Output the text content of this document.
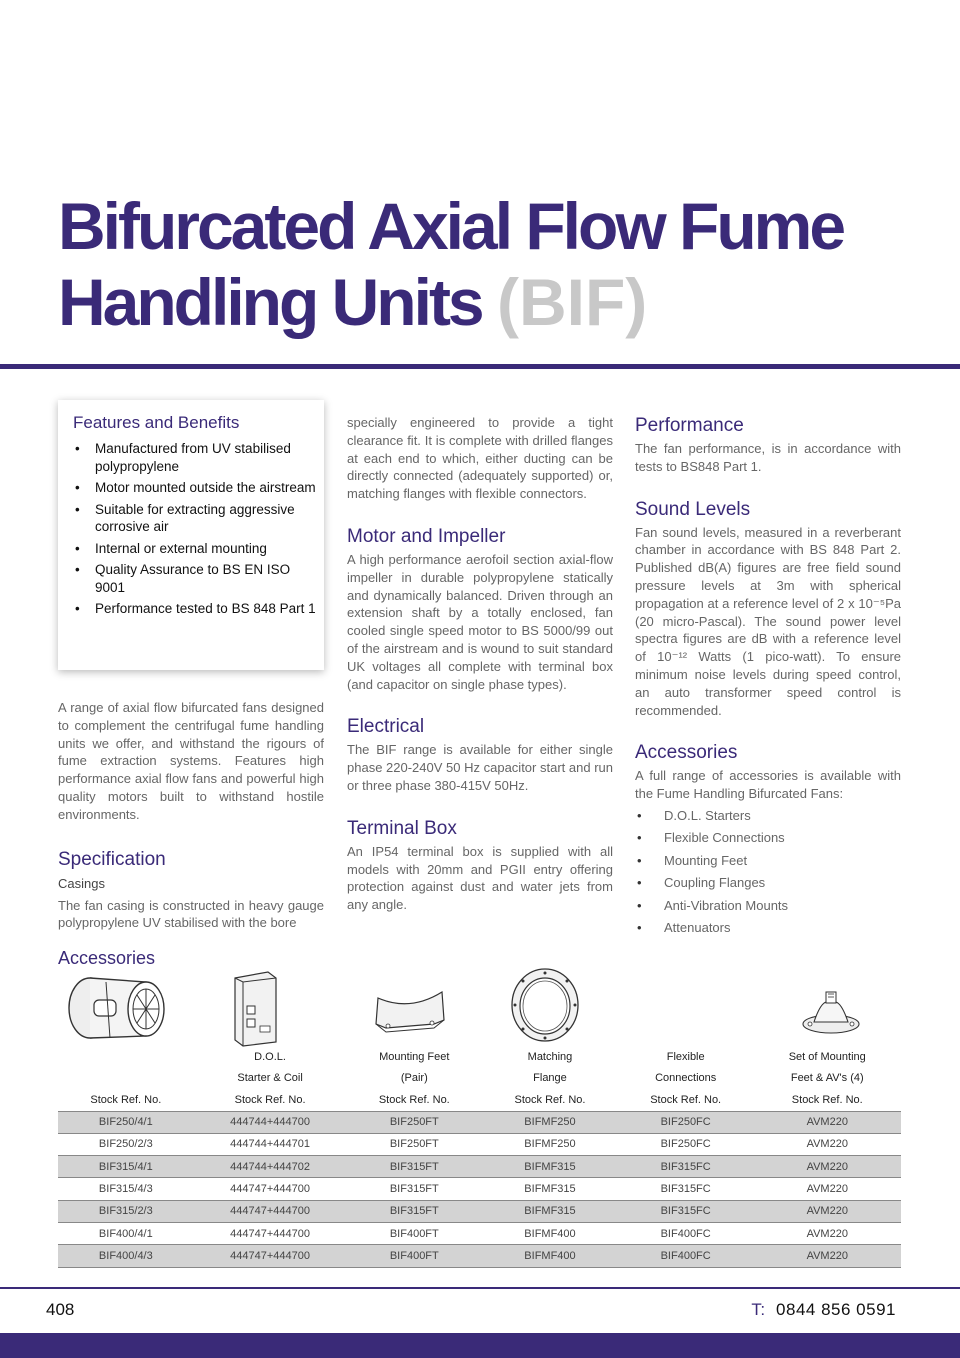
Bifurcated Axial Flow Fume
Handling Units (BIF)
Features and Benefits
• Manufactured from UV stabilised polypropylene
• Motor mounted outside the airstream
• Suitable for extracting aggressive corrosive air
• Internal or external mounting
• Quality Assurance to BS EN ISO 9001
• Performance tested to BS 848 Part 1

A range of axial flow bifurcated fans designed to complement the centrifugal fume handling units we offer, and withstand the rigours of fume extraction systems. Features high performance axial flow fans and powerful high quality motors built to withstand hostile environments.

Specification
Casings

The fan casing is constructed in heavy gauge polypropylene UV stabilised with the bore

specially engineered to provide a tight clearance fit. It is complete with drilled flanges at each end to which, either ducting can be directly connected (adequately supported) or, matching flanges with flexible connectors.

Motor and Impeller

A high performance aerofoil section axial-flow impeller in durable polypropylene statically and dynamically balanced. Driven through an extension shaft by a totally enclosed, fan cooled single speed motor to BS 5000/99 out of the airstream and is wound to suit standard UK voltages all complete with terminal box (and capacitor on single phase types).

Electrical

The BIF range is available for either single phase 220-240V 50 Hz capacitor start and run or three phase 380-415V 50Hz.

Terminal Box

An IP54 terminal box is supplied with all models with 20mm and PGII entry offering protection against dust and water jets from any angle.

Performance

The fan performance, is in accordance with tests to BS848 Part 1.

Sound Levels

Fan sound levels, measured in a reverberant chamber in accordance with BS 848 Part 2. Published dB(A) figures are free field sound pressure levels at 3m with spherical propagation at a reference level of 2 x 10⁻⁵Pa (20 micro-Pascal). The sound power level spectra figures are dB with a reference level of 10⁻¹² Watts (1 pico-watt). To ensure minimum noise levels during speed control, an auto transformer speed control is recommended.

Accessories

A full range of accessories is available with the Fume Handling Bifurcated Fans:

• D.O.L. Starters
• Flexible Connections
• Mounting Feet
• Coupling Flanges
• Anti-Vibration Mounts
• Attenuators
Accessories
	D.O.L.	Mounting Feet	Matching	Flexible	Set of Mounting
	Starter & Coil	(Pair)	Flange	Connections	Feet & AV's (4)
Stock Ref. No.	Stock Ref. No.	Stock Ref. No.	Stock Ref. No.	Stock Ref. No.	Stock Ref. No.
BIF250/4/1	444744+444700	BIF250FT	BIFMF250	BIF250FC	AVM220
BIF250/2/3	444744+444701	BIF250FT	BIFMF250	BIF250FC	AVM220
BIF315/4/1	444744+444702	BIF315FT	BIFMF315	BIF315FC	AVM220
BIF315/4/3	444747+444700	BIF315FT	BIFMF315	BIF315FC	AVM220
BIF315/2/3	444747+444700	BIF315FT	BIFMF315	BIF315FC	AVM220
BIF400/4/1	444747+444700	BIF400FT	BIFMF400	BIF400FC	AVM220
BIF400/4/3	444747+444700	BIF400FT	BIFMF400	BIF400FC	AVM220
408	T: 0844 856 0591
